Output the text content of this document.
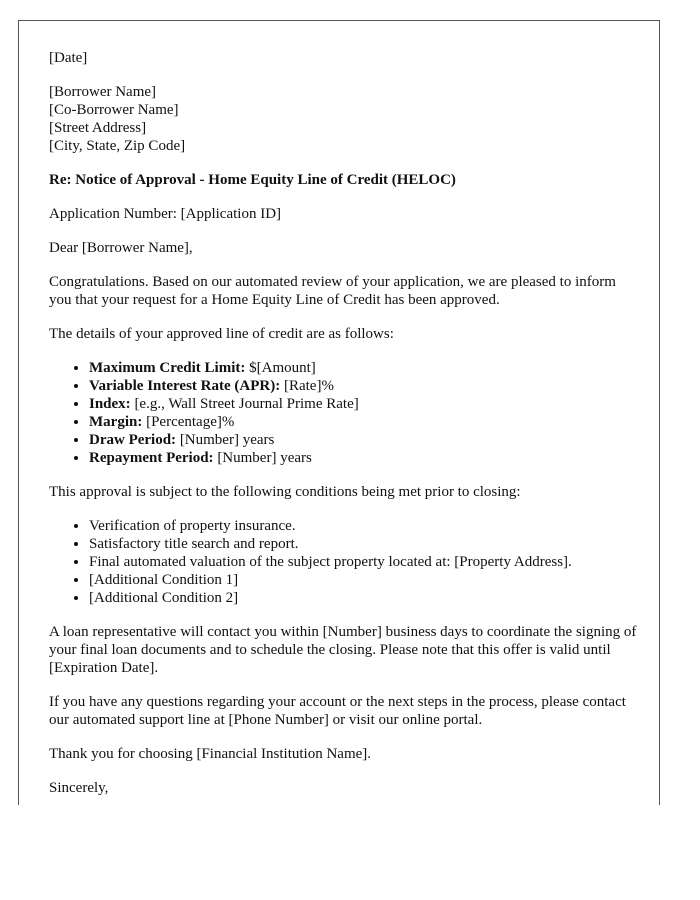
[Date]

[Borrower Name]
[Co-Borrower Name]
[Street Address]
[City, State, Zip Code]

Re: Notice of Approval - Home Equity Line of Credit (HELOC)

Application Number: [Application ID]

Dear [Borrower Name],

Congratulations. Based on our automated review of your application, we are pleased to inform you that your request for a Home Equity Line of Credit has been approved.

The details of your approved line of credit are as follows:

• Maximum Credit Limit: $[Amount]
• Variable Interest Rate (APR): [Rate]%
• Index: [e.g., Wall Street Journal Prime Rate]
• Margin: [Percentage]%
• Draw Period: [Number] years
• Repayment Period: [Number] years

This approval is subject to the following conditions being met prior to closing:

• Verification of property insurance.
• Satisfactory title search and report.
• Final automated valuation of the subject property located at: [Property Address].
• [Additional Condition 1]
• [Additional Condition 2]

A loan representative will contact you within [Number] business days to coordinate the signing of your final loan documents and to schedule the closing. Please note that this offer is valid until [Expiration Date].

If you have any questions regarding your account or the next steps in the process, please contact our automated support line at [Phone Number] or visit our online portal.

Thank you for choosing [Financial Institution Name].

Sincerely,
